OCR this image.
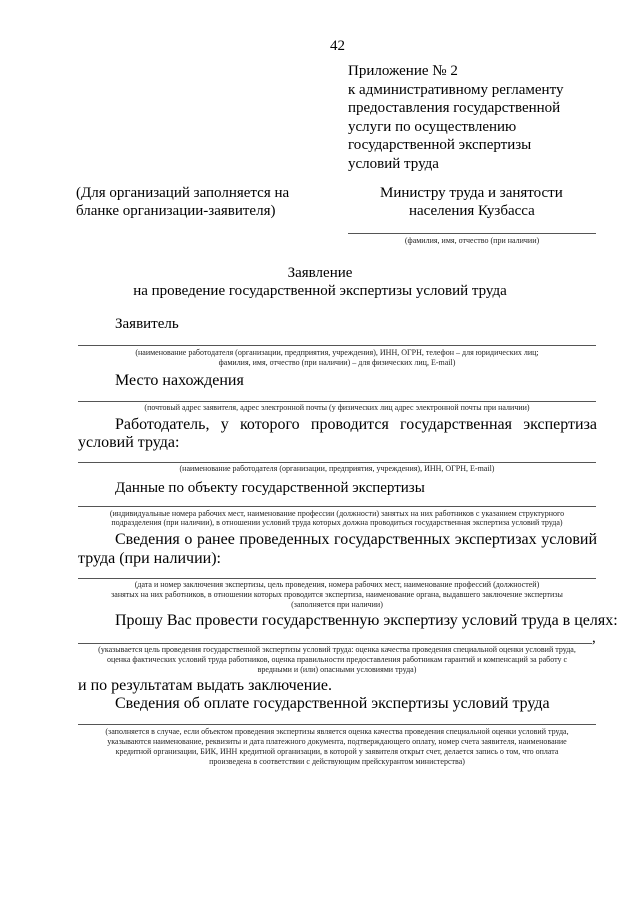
42
Приложение № 2
к административному регламенту
предоставления государственной
услуги по осуществлению
государственной экспертизы
условий труда
(Для организаций заполняется на
бланке организации-заявителя)
Министру труда и занятости
населения Кузбасса
(фамилия, имя, отчество (при наличии)
Заявление
на проведение государственной экспертизы условий труда
Заявитель
(наименование работодателя (организации, предприятия, учреждения), ИНН, ОГРН, телефон – для юридических лиц;
фамилия, имя, отчество (при наличии) – для физических лиц, E-mail)
Место нахождения
(почтовый адрес заявителя, адрес электронной почты (у физических лиц адрес электронной почты при наличии)
Работодатель, у которого проводится государственная экспертиза
условий труда:
(наименование работодателя (организации, предприятия, учреждения), ИНН, ОГРН, E-mail)
Данные по объекту государственной экспертизы
(индивидуальные номера рабочих мест, наименование профессии (должности) занятых на них работников с указанием структурного
подразделения (при наличии), в отношении условий труда которых должна проводиться государственная экспертиза условий труда)
Сведения о ранее проведенных государственных экспертизах условий
труда (при наличии):
(дата и номер заключения экспертизы, цель проведения, номера рабочих мест, наименование профессий (должностей)
занятых на них работников, в отношении которых проводится экспертиза, наименование органа, выдавшего заключение экспертизы
(заполняется при наличии)
Прошу Вас провести государственную экспертизу условий труда в целях:
,
(указывается цель проведения государственной экспертизы условий труда: оценка качества проведения специальной оценки условий труда,
оценка фактических условий труда работников, оценка правильности предоставления работникам гарантий и компенсаций за работу с
вредными и (или) опасными условиями труда)
и по результатам выдать заключение.
Сведения об оплате государственной экспертизы условий труда
(заполняется в случае, если объектом проведения экспертизы является оценка качества проведения специальной оценки условий труда,
указываются наименование, реквизиты и дата платежного документа, подтверждающего оплату, номер счета заявителя, наименование
кредитной организации, БИК, ИНН кредитной организации, в которой у заявителя открыт счет, делается запись о том, что оплата
произведена в соответствии с действующим прейскурантом министерства)
